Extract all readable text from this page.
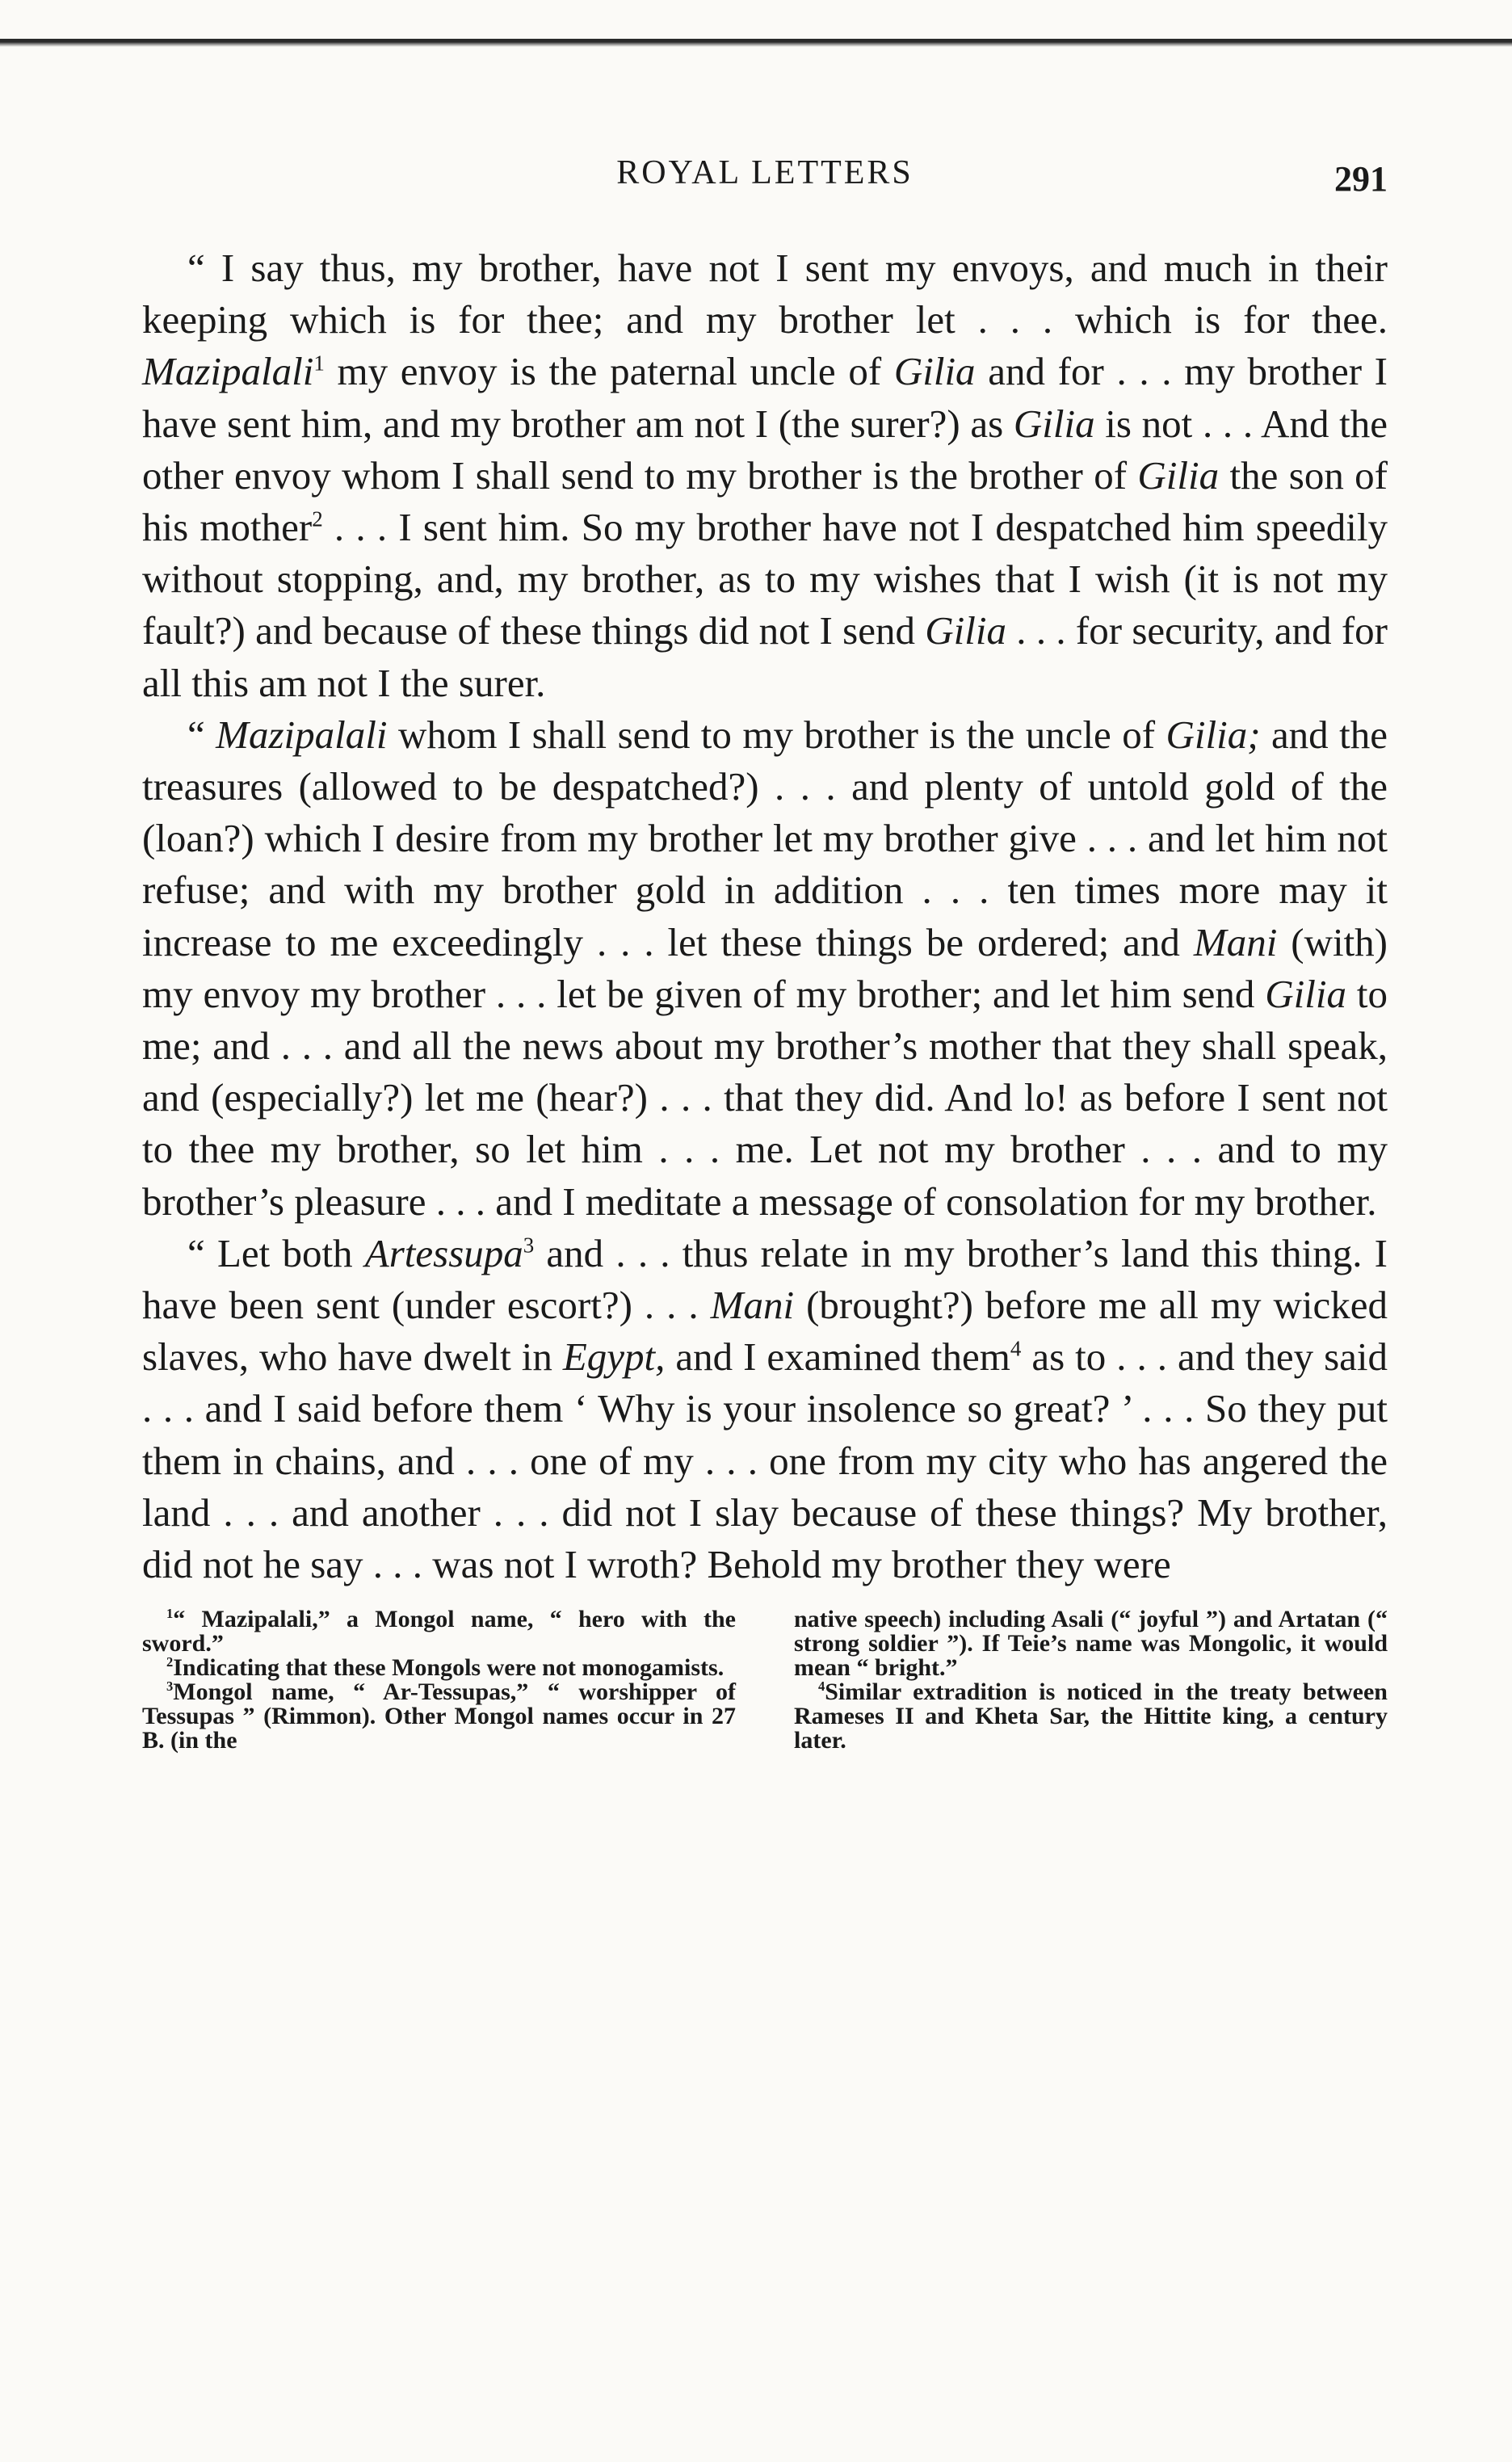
ROYAL LETTERS	291

“ I say thus, my brother, have not I sent my envoys, and much in their keeping which is for thee; and my brother let . . . which is for thee. Mazipalali$^1$ my envoy is the paternal uncle of Gilia and for . . . my brother I have sent him, and my brother am not I (the surer?) as Gilia is not . . . And the other envoy whom I shall send to my brother is the brother of Gilia the son of his mother$^2$ . . . I sent him. So my brother have not I despatched him speedily without stopping, and, my brother, as to my wishes that I wish (it is not my fault?) and because of these things did not I send Gilia . . . for security, and for all this am not I the surer.

“ Mazipalali whom I shall send to my brother is the uncle of Gilia; and the treasures (allowed to be despatched?) . . . and plenty of untold gold of the (loan?) which I desire from my brother let my brother give . . . and let him not refuse; and with my brother gold in addition . . . ten times more may it increase to me exceedingly . . . let these things be ordered; and Mani (with) my envoy my brother . . . let be given of my brother; and let him send Gilia to me; and . . . and all the news about my brother’s mother that they shall speak, and (especially?) let me (hear?) . . . that they did. And lo! as before I sent not to thee my brother, so let him . . . me. Let not my brother . . . and to my brother’s pleasure . . . and I meditate a message of consolation for my brother.

“ Let both Artessupa$^3$ and . . . thus relate in my brother’s land this thing. I have been sent (under escort?) . . . Mani (brought?) before me all my wicked slaves, who have dwelt in Egypt, and I examined them$^4$ as to . . . and they said . . . and I said before them ‘ Why is your insolence so great? ’ . . . So they put them in chains, and . . . one of my . . . one from my city who has angered the land . . . and another . . . did not I slay because of these things? My brother, did not he say . . . was not I wroth? Behold my brother they were

$^1$“ Mazipalali,” a Mongol name, “ hero with the sword.”

$^2$Indicating that these Mongols were not monogamists.

$^3$Mongol name, “ Ar-Tessupas,” “ worshipper of Tessupas ” (Rimmon). Other Mongol names occur in 27 B. (in the

native speech) including Asali (“ joyful ”) and Artatan (“ strong soldier ”). If Teie’s name was Mongolic, it would mean “ bright.”

$^4$Similar extradition is noticed in the treaty between Rameses II and Kheta Sar, the Hittite king, a century later.
